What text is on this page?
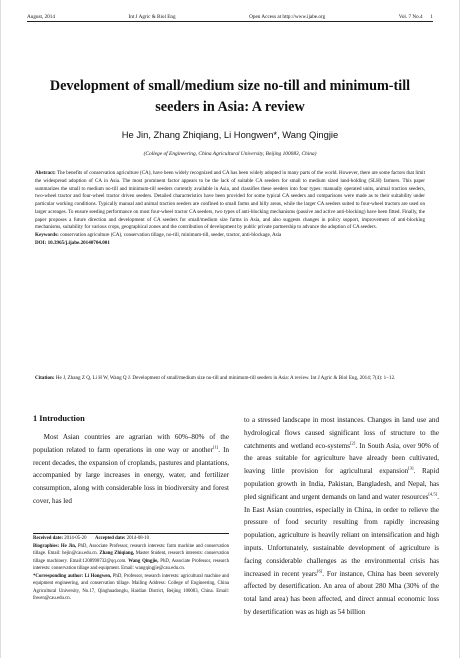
August, 2014	Int J Agric & Biol Eng	Open Access at http://www.ijabe.org	Vol. 7 No.4 1
Development of small/medium size no-till and minimum-till seeders in Asia: A review
He Jin, Zhang Zhiqiang, Li Hongwen*, Wang Qingjie
(College of Engineering, China Agricultural University, Beijing 100083, China)
Abstract: The benefits of conservation agriculture (CA), have been widely recognized and CA has been widely adopted in many parts of the world. However, there are some factors that limit the widespread adoption of CA in Asia. The most prominent factor appears to be the lack of suitable CA seeders for small to medium sized land-holding (SLH) farmers. This paper summarizes the small to medium no-till and minimum-till seeders currently available in Asia, and classifies these seeders into four types: manually operated units, animal traction seeders, two-wheel tractor and four-wheel tractor driven seeders. Detailed characteristics have been provided for some typical CA seeders and comparisons were made as to their suitability under particular working conditions. Typically manual and animal traction seeders are confined to small farms and hilly areas, while the larger CA seeders suited to four-wheel tractors are used on larger acreages. To ensure seeding performance on most four-wheel tractor CA seeders, two types of anti-blocking mechanisms (passive and active anti-blocking) have been fitted. Finally, the paper proposes a future direction and development of CA seeders for small/medium size farms in Asia, and also suggests changes in policy support, improvement of anti-blocking mechanisms, suitability for various crops, geographical zones and the contribution of development by public private partnership to advance the adoption of CA seeders.
Keywords: conservation agriculture (CA), conservation tillage, no-till, minimum-till, seeder, tractor, anti-blockage, Asia
DOI: 10.3965/j.ijabe.20140704.001
Citation: He J, Zhang Z Q, Li H W, Wang Q J. Development of small/medium size no-till and minimum-till seeders in Asia: A review. Int J Agric & Biol Eng, 2014; 7(4): 1−12.
1 Introduction
Most Asian countries are agrarian with 60%–80% of the population related to farm operations in one way or another[1]. In recent decades, the expansion of croplands, pastures and plantations, accompanied by large increases in energy, water, and fertilizer consumption, along with considerable loss in biodiversity and forest cover, has led
to a stressed landscape in most instances. Changes in land use and hydrological flows caused significant loss of structure to the catchments and wetland eco-systems[2]. In South Asia, over 90% of the areas suitable for agriculture have already been cultivated, leaving little provision for agricultural expansion[3]. Rapid population growth in India, Pakistan, Bangladesh, and Nepal, has pled significant and urgent demands on land and water resources[4,5]. In East Asian countries, especially in China, in order to relieve the pressure of food security resulting from rapidly increasing population, agriculture is heavily reliant on intensification and high inputs. Unfortunately, sustainable development of agriculture is facing considerable challenges as the environmental crisis has increased in recent years[6]. For instance, China has been severely affected by desertification. An area of about 280 Mha (30% of the total land area) has been affected, and direct annual economic loss by desertification was as high as 54 billion
Received date: 2014-05-20 Accepted date: 2014-08-10
Biographies: He Jin, PhD, Associate Professor, research interests: farm machine and conservation tillage. Email: hejin@cau.edu.cn. Zhang Zhiqiang, Master Student, research interests: conservation tillage machinery. Email:1208998732@qq.com. Wang Qingjie, PhD, Associate Professor, research interests: conservation tillage and equipment. Email: wangqingjie@cau.edu.cn.
*Corresponding author: Li Hongwen, PhD, Professor, research interests: agricultural machine and equipment engineering, and conservation tillage. Mailing Address: College of Engineering, China Agricultural University, No.17, Qinghuadonglu, Haidian District, Beijing 100083, China. Email: lhwen@cau.edu.cn.
